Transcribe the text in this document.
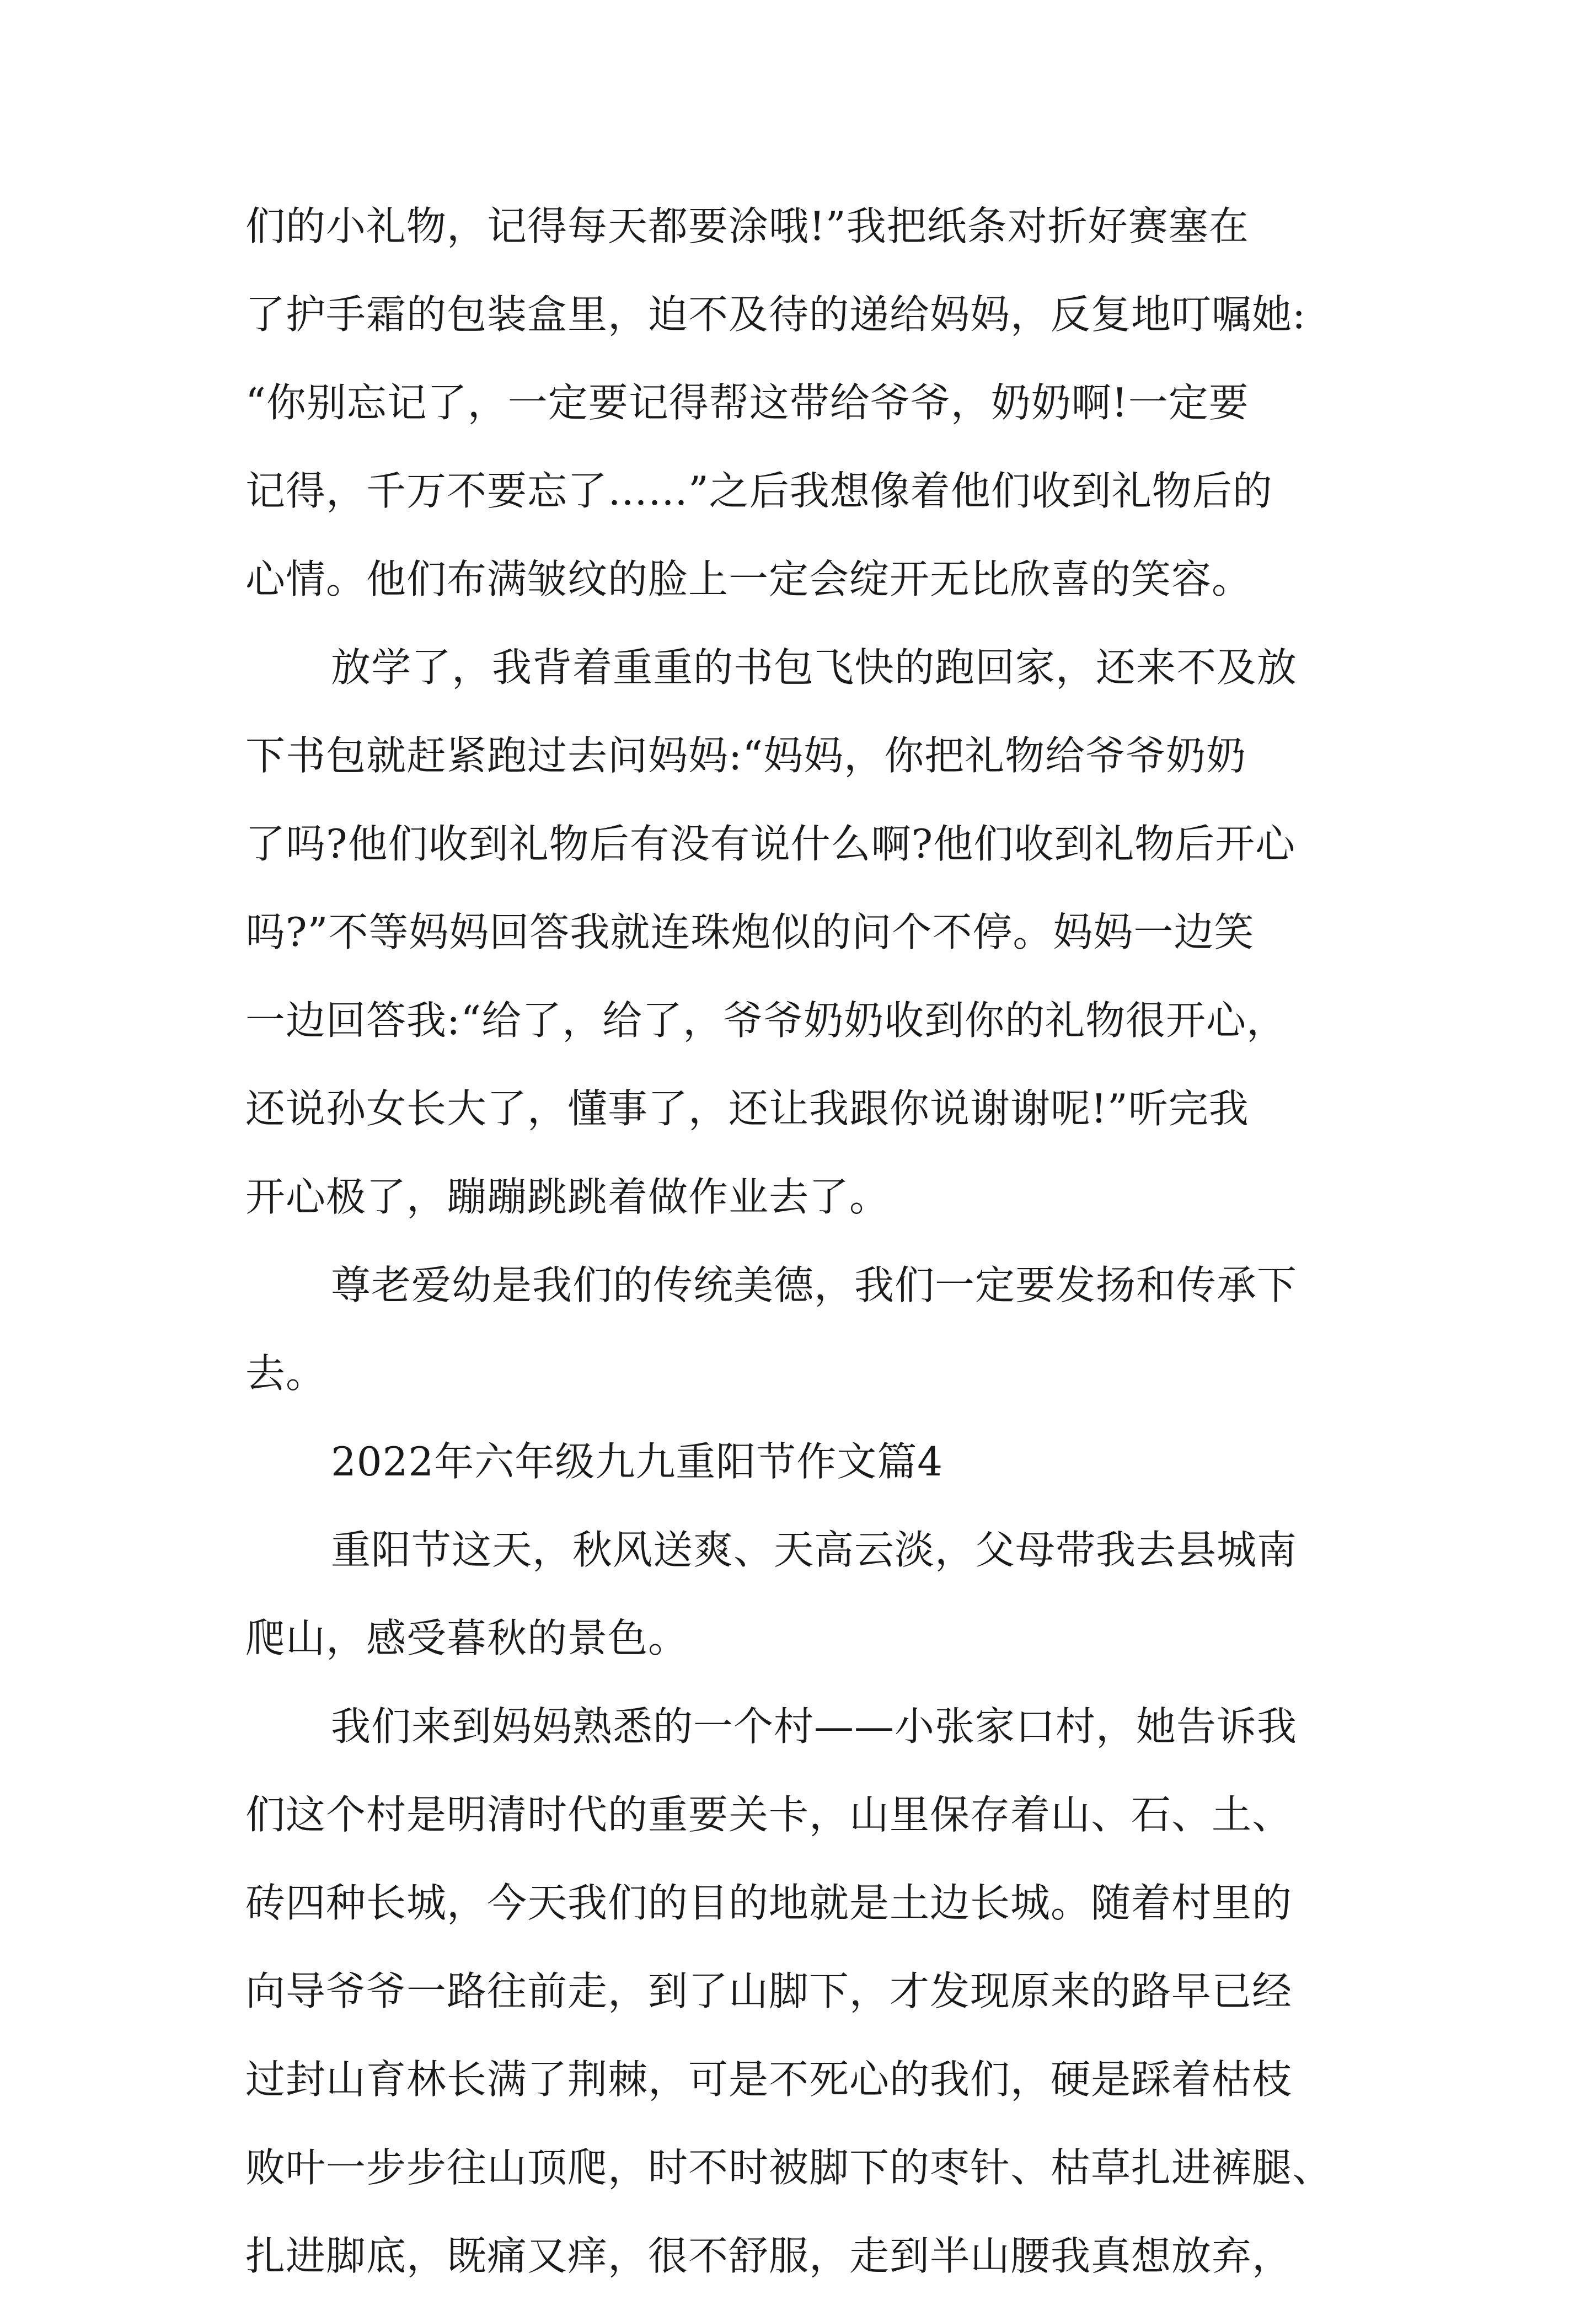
们的小礼物，记得每天都要涂哦!”我把纸条对折好赛塞在
了护手霜的包装盒里，迫不及待的递给妈妈，反复地叮嘱她:
“你别忘记了，一定要记得帮这带给爷爷，奶奶啊!一定要
记得，千万不要忘了……”之后我想像着他们收到礼物后的
心情。他们布满皱纹的脸上一定会绽开无比欣喜的笑容。
放学了，我背着重重的书包飞快的跑回家，还来不及放
下书包就赶紧跑过去问妈妈:“妈妈，你把礼物给爷爷奶奶
了吗?他们收到礼物后有没有说什么啊?他们收到礼物后开心
吗?”不等妈妈回答我就连珠炮似的问个不停。妈妈一边笑
一边回答我:“给了，给了，爷爷奶奶收到你的礼物很开心，
还说孙女长大了，懂事了，还让我跟你说谢谢呢!”听完我
开心极了，蹦蹦跳跳着做作业去了。
尊老爱幼是我们的传统美德，我们一定要发扬和传承下
去。
2022年六年级九九重阳节作文篇4
重阳节这天，秋风送爽、天高云淡，父母带我去县城南
爬山，感受暮秋的景色。
我们来到妈妈熟悉的一个村——小张家口村，她告诉我
们这个村是明清时代的重要关卡，山里保存着山、石、土、
砖四种长城，今天我们的目的地就是土边长城。随着村里的
向导爷爷一路往前走，到了山脚下，才发现原来的路早已经
过封山育林长满了荆棘，可是不死心的我们，硬是踩着枯枝
败叶一步步往山顶爬，时不时被脚下的枣针、枯草扎进裤腿、
扎进脚底，既痛又痒，很不舒服，走到半山腰我真想放弃，
